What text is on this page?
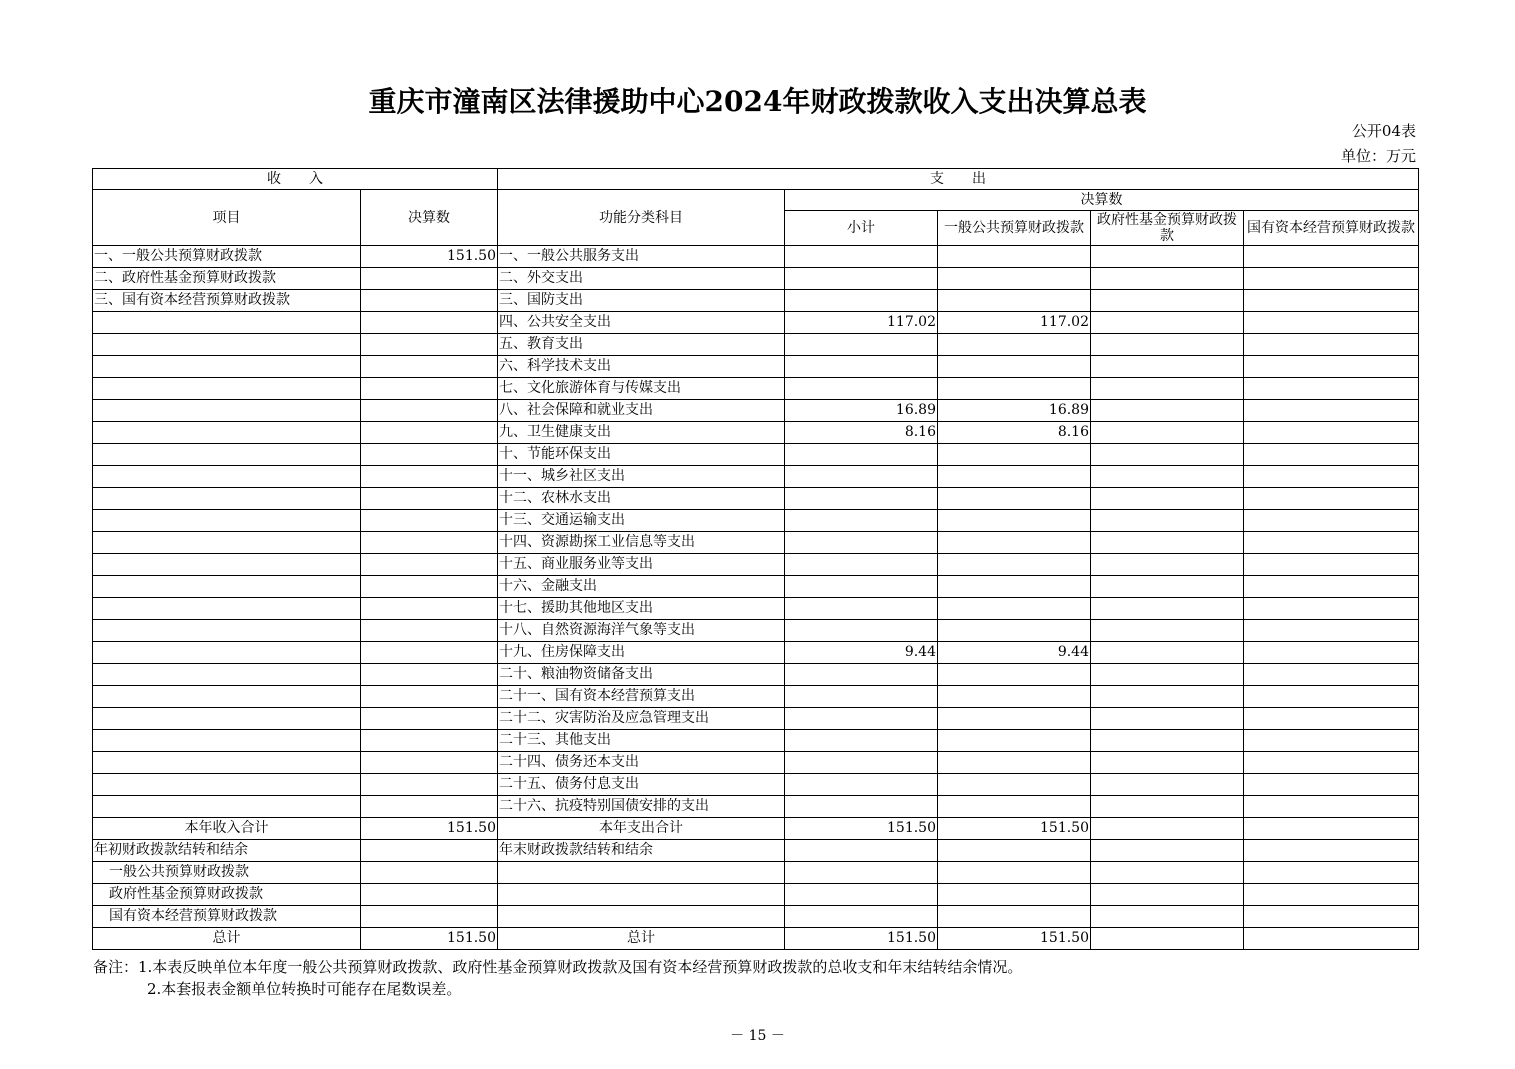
重庆市潼南区法律援助中心2024年财政拨款收入支出决算总表
公开04表
单位：万元
收　　入		支　　出				
项目	决算数	功能分类科目	决算数			
			小计	一般公共预算财政拨款	政府性基金预算财政拨款	国有资本经营预算财政拨款
一、一般公共预算财政拨款	151.50	一、一般公共服务支出				
二、政府性基金预算财政拨款		二、外交支出				
三、国有资本经营预算财政拨款		三、国防支出				
		四、公共安全支出	117.02	117.02		
		五、教育支出				
		六、科学技术支出				
		七、文化旅游体育与传媒支出				
		八、社会保障和就业支出	16.89	16.89		
		九、卫生健康支出	8.16	8.16		
		十、节能环保支出				
		十一、城乡社区支出				
		十二、农林水支出				
		十三、交通运输支出				
		十四、资源勘探工业信息等支出				
		十五、商业服务业等支出				
		十六、金融支出				
		十七、援助其他地区支出				
		十八、自然资源海洋气象等支出				
		十九、住房保障支出	9.44	9.44		
		二十、粮油物资储备支出				
		二十一、国有资本经营预算支出				
		二十二、灾害防治及应急管理支出				
		二十三、其他支出				
		二十四、债务还本支出				
		二十五、债务付息支出				
		二十六、抗疫特别国债安排的支出				
本年收入合计	151.50	本年支出合计	151.50	151.50		
年初财政拨款结转和结余		年末财政拨款结转和结余				
一般公共预算财政拨款						
政府性基金预算财政拨款						
国有资本经营预算财政拨款						
总计	151.50	总计	151.50	151.50		
备注：1.本表反映单位本年度一般公共预算财政拨款、政府性基金预算财政拨款及国有资本经营预算财政拨款的总收支和年末结转结余情况。
2.本套报表金额单位转换时可能存在尾数误差。
－ 15 －
